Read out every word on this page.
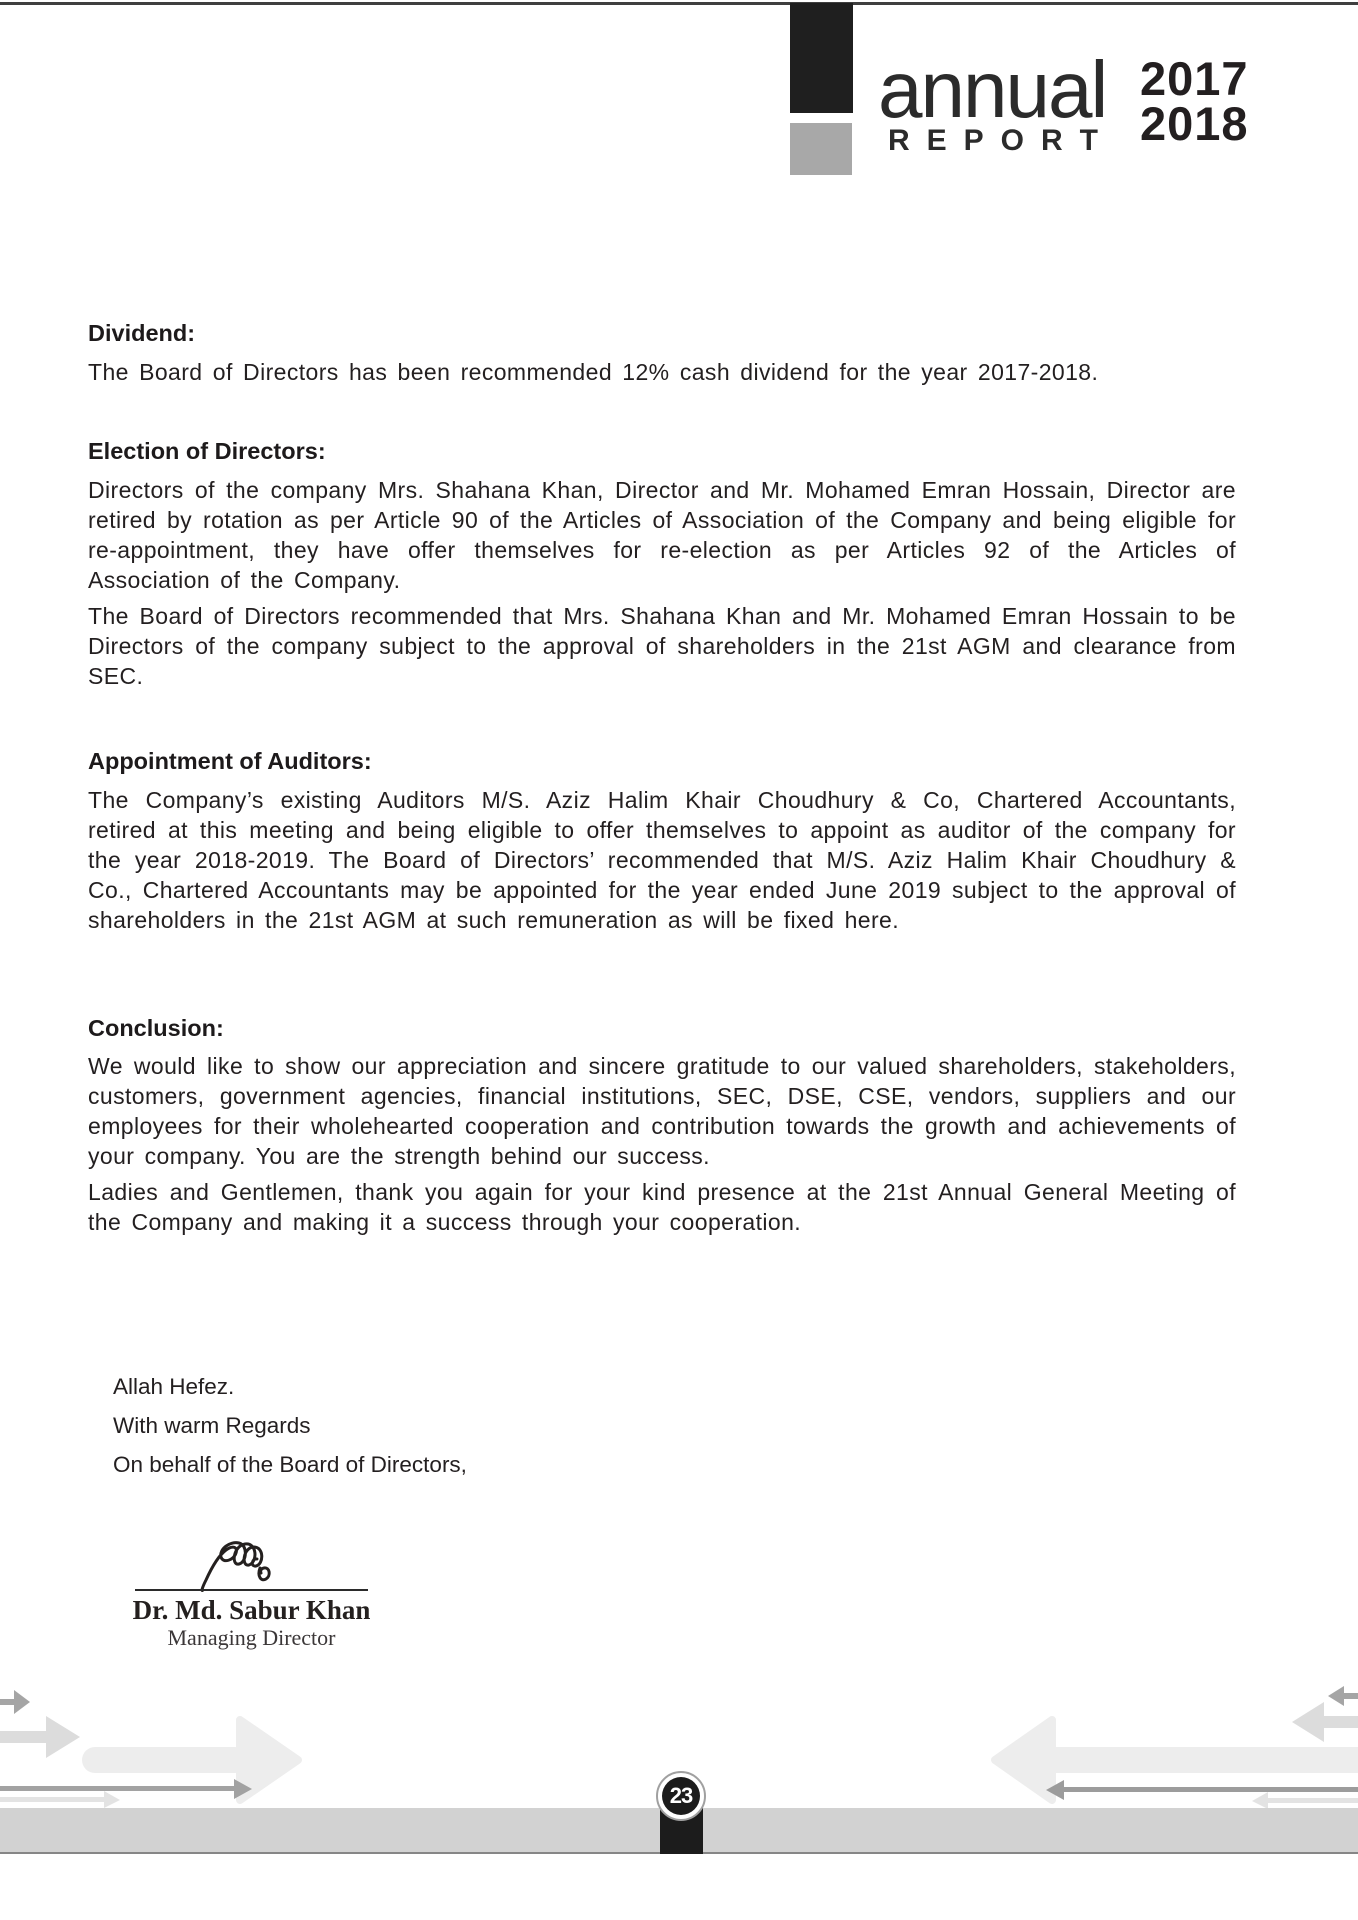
annual
REPORT
2017
2018
Dividend:

The Board of Directors has been recommended 12% cash dividend for the year 2017-2018.

Election of Directors:

Directors of the company Mrs. Shahana Khan, Director and Mr. Mohamed Emran Hossain, Director are retired by rotation as per Article 90 of the Articles of Association of the Company and being eligible for re-appointment, they have offer themselves for re-election as per Articles 92 of the Articles of Association of the Company.

The Board of Directors recommended that Mrs. Shahana Khan and Mr. Mohamed Emran Hossain to be Directors of the company subject to the approval of shareholders in the 21st AGM and clearance from SEC.

Appointment of Auditors:

The Company’s existing Auditors M/S. Aziz Halim Khair Choudhury & Co, Chartered Accountants, retired at this meeting and being eligible to offer themselves to appoint as auditor of the company for the year 2018-2019. The Board of Directors’ recommended that M/S. Aziz Halim Khair Choudhury & Co., Chartered Accountants may be appointed for the year ended June 2019 subject to the approval of shareholders in the 21st AGM at such remuneration as will be fixed here.

Conclusion:

We would like to show our appreciation and sincere gratitude to our valued shareholders, stakeholders, customers, government agencies, financial institutions, SEC, DSE, CSE, vendors, suppliers and our employees for their wholehearted cooperation and contribution towards the growth and achievements of your company. You are the strength behind our success.

Ladies and Gentlemen, thank you again for your kind presence at the 21st Annual General Meeting of the Company and making it a success through your cooperation.

Allah Hefez.

With warm Regards

On behalf of the Board of Directors,

Dr. Md. Sabur Khan

Managing Director

23
